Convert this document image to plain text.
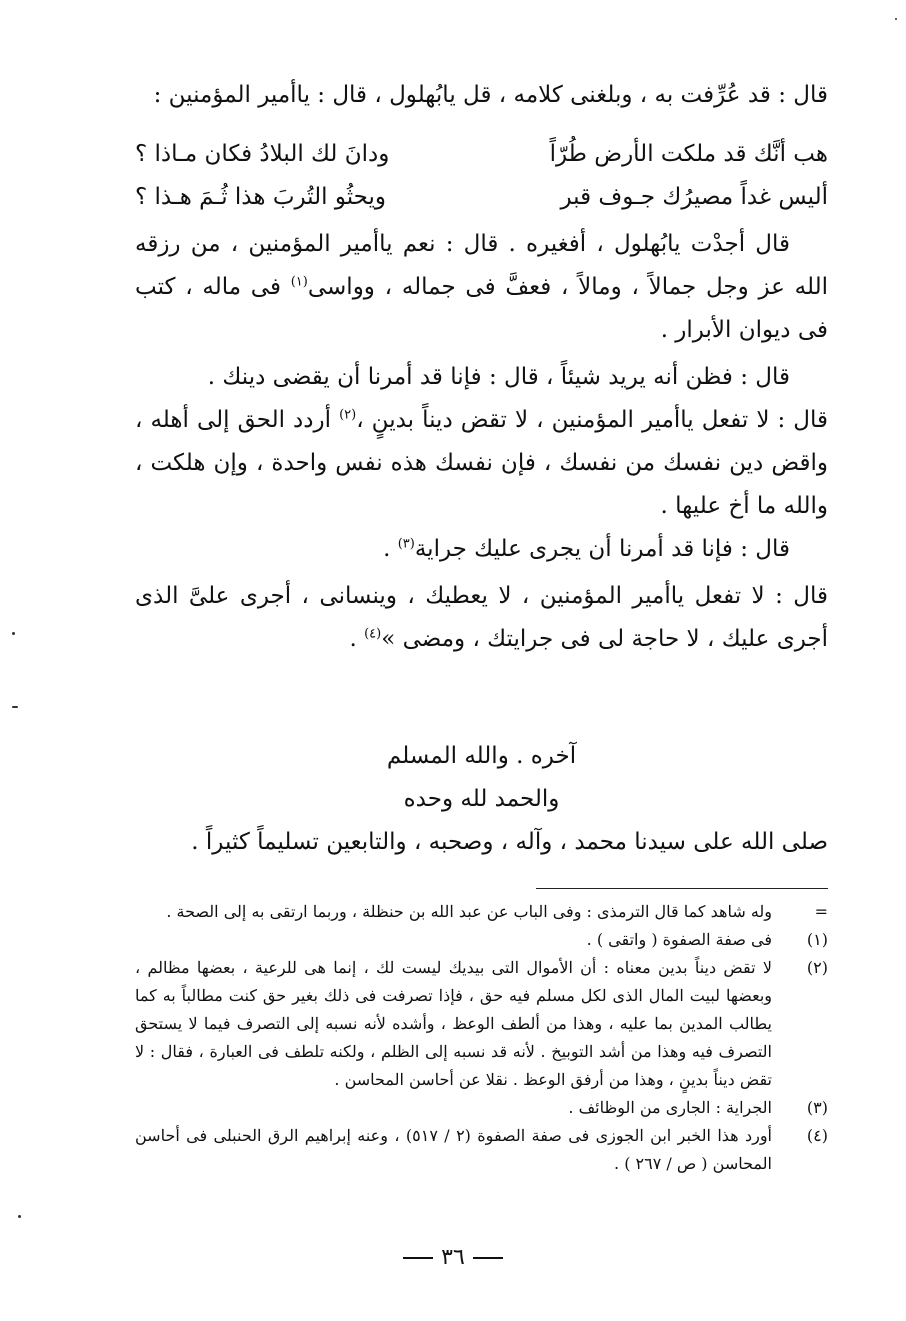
قال : قد عُرِّفت به ، وبلغنى كلامه ، قل يابُهلول ، قال : ياأمير المؤمنين :

هب أنَّك قد ملكت الأرض طُرّاً
ودانَ لك البلادُ فكان مـاذا ؟
أليس غداً مصيرُك جـوف قبر
ويحثُو التُربَ هذا ثُـمَ هـذا ؟

قال أجدْت يابُهلول ، أفغيره . قال : نعم ياأمير المؤمنين ، من رزقه الله عز وجل جمالاً ، ومالاً ، فعفَّ فى جماله ، وواسى$^{(١)}$ فى ماله ، كتب فى ديوان الأبرار .

قال : فظن أنه يريد شيئاً ، قال : فإنا قد أمرنا أن يقضى دينك .

قال : لا تفعل ياأمير المؤمنين ، لا تقض ديناً بدينٍ ،$^{(٢)}$ أردد الحق إلى أهله ، واقض دين نفسك من نفسك ، فإن نفسك هذه نفس واحدة ، وإن هلكت ، والله ما أخ عليها .

قال : فإنا قد أمرنا أن يجرى عليك جراية$^{(٣)}$ .

قال : لا تفعل ياأمير المؤمنين ، لا يعطيك ، وينسانى ، أجرى علىَّ الذى أجرى عليك ، لا حاجة لى فى جرايتك ، ومضى »$^{(٤)}$ .

آخره . والله المسلم
والحمد لله وحده
صلى الله على سيدنا محمد ، وآله ، وصحبه ، والتابعين تسليماً كثيراً .
=
وله شاهد كما قال الترمذى : وفى الباب عن عبد الله بن حنظلة ، وربما ارتقى به إلى الصحة .
(١)
فى صفة الصفوة ( واتقى ) .
(٢)
لا تقض ديناً بدين معناه : أن الأموال التى بيديك ليست لك ، إنما هى للرعية ، بعضها مظالم ، وبعضها لبيت المال الذى لكل مسلم فيه حق ، فإذا تصرفت فى ذلك بغير حق كنت مطالباً به كما يطالب المدين بما عليه ، وهذا من ألطف الوعظ ، وأشده لأنه نسبه إلى التصرف فيما لا يستحق التصرف فيه وهذا من أشد التوبيخ . لأنه قد نسبه إلى الظلم ، ولكنه تلطف فى العبارة ، فقال : لا تقض ديناً بدينٍ ، وهذا من أرفق الوعظ . نقلا عن أحاسن المحاسن .
(٣)
الجراية : الجارى من الوظائف .
(٤)
أورد هذا الخبر ابن الجوزى فى صفة الصفوة (٢ / ٥١٧) ، وعنه إبراهيم الرق الحنبلى فى أحاسن المحاسن ( ص / ٢٦٧ ) .
٣٦
